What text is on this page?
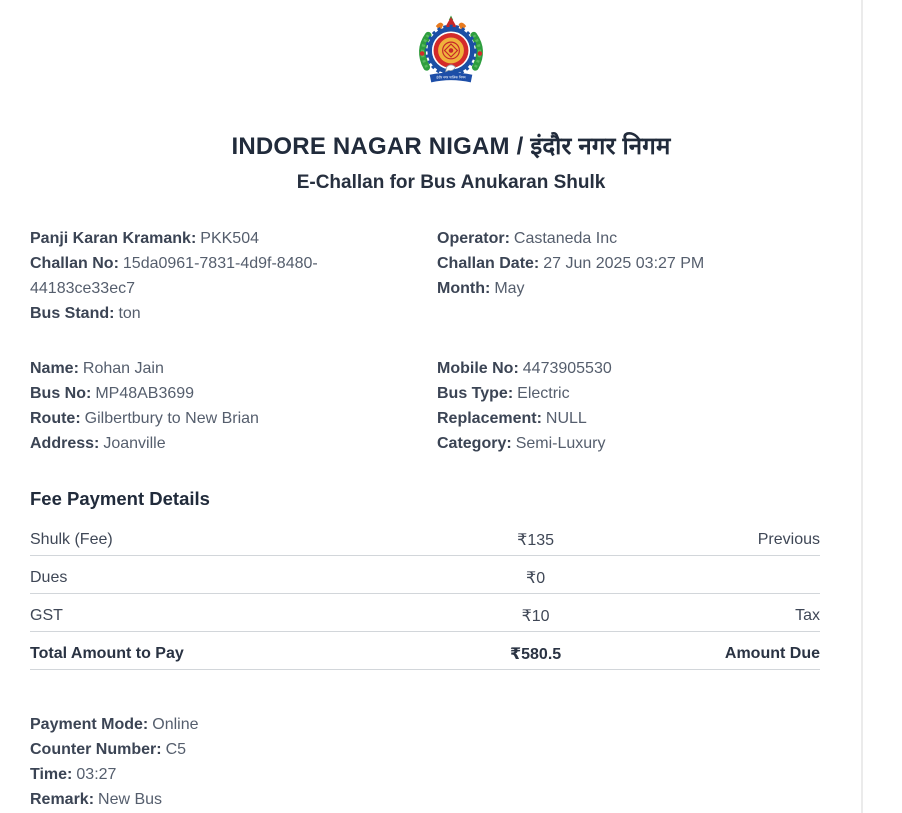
इंदौर नगर पालिक निगम
INDORE NAGAR NIGAM / इंदौर नगर निगम
E-Challan for Bus Anukaran Shulk

Panji Karan Kramank: PKK504

Challan No: 15da0961-7831-4d9f-8480-44183ce33ec7

Bus Stand: ton

Operator: Castaneda Inc

Challan Date: 27 Jun 2025 03:27 PM

Month: May

Name: Rohan Jain

Bus No: MP48AB3699

Route: Gilbertbury to New Brian

Address: Joanville

Mobile No: 4473905530

Bus Type: Electric

Replacement: NULL

Category: Semi-Luxury

Fee Payment Details
Shulk (Fee)	₹135	Previous
Dues	₹0	
GST	₹10	Tax
Total Amount to Pay	₹580.5	Amount Due

Payment Mode: Online

Counter Number: C5

Time: 03:27

Remark: New Bus
